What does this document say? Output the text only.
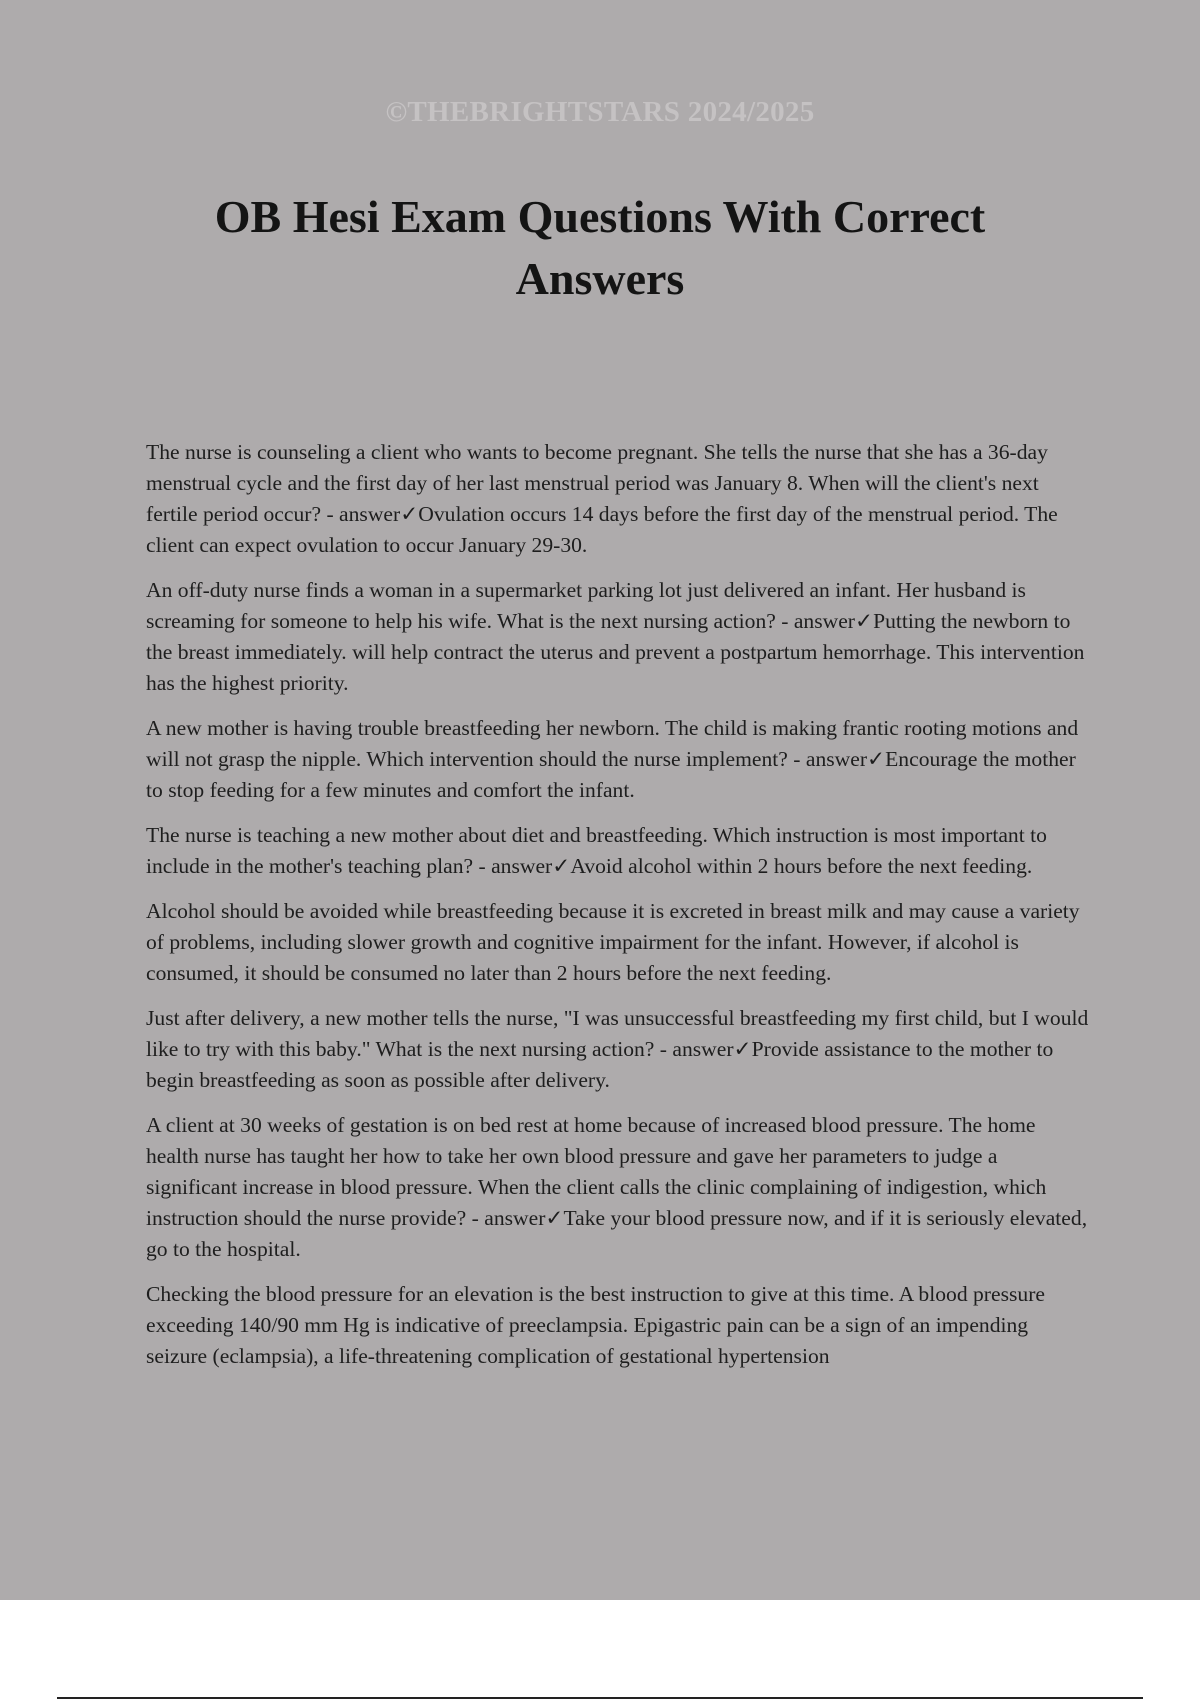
©THEBRIGHTSTARS 2024/2025
OB Hesi Exam Questions With Correct Answers

The nurse is counseling a client who wants to become pregnant. She tells the nurse that she has a 36-day menstrual cycle and the first day of her last menstrual period was January 8. When will the client's next fertile period occur? - answer✓Ovulation occurs 14 days before the first day of the menstrual period. The client can expect ovulation to occur January 29-30.

An off-duty nurse finds a woman in a supermarket parking lot just delivered an infant. Her husband is screaming for someone to help his wife. What is the next nursing action? - answer✓Putting the newborn to the breast immediately. will help contract the uterus and prevent a postpartum hemorrhage. This intervention has the highest priority.

A new mother is having trouble breastfeeding her newborn. The child is making frantic rooting motions and will not grasp the nipple. Which intervention should the nurse implement? - answer✓Encourage the mother to stop feeding for a few minutes and comfort the infant.

The nurse is teaching a new mother about diet and breastfeeding. Which instruction is most important to include in the mother's teaching plan? - answer✓Avoid alcohol within 2 hours before the next feeding.

Alcohol should be avoided while breastfeeding because it is excreted in breast milk and may cause a variety of problems, including slower growth and cognitive impairment for the infant. However, if alcohol is consumed, it should be consumed no later than 2 hours before the next feeding.

Just after delivery, a new mother tells the nurse, "I was unsuccessful breastfeeding my first child, but I would like to try with this baby." What is the next nursing action? - answer✓Provide assistance to the mother to begin breastfeeding as soon as possible after delivery.

A client at 30 weeks of gestation is on bed rest at home because of increased blood pressure. The home health nurse has taught her how to take her own blood pressure and gave her parameters to judge a significant increase in blood pressure. When the client calls the clinic complaining of indigestion, which instruction should the nurse provide? - answer✓Take your blood pressure now, and if it is seriously elevated, go to the hospital.

Checking the blood pressure for an elevation is the best instruction to give at this time. A blood pressure exceeding 140/90 mm Hg is indicative of preeclampsia. Epigastric pain can be a sign of an impending seizure (eclampsia), a life-threatening complication of gestational hypertension
